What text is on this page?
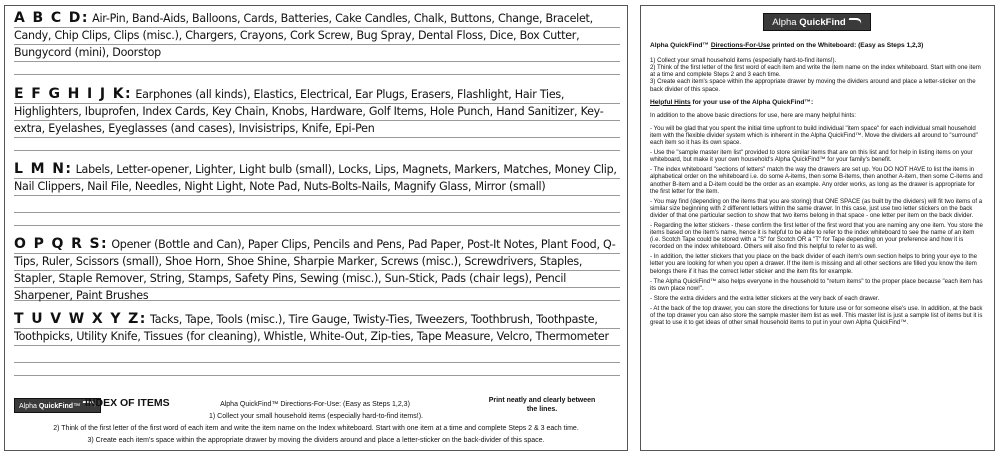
A B C D: Air-Pin, Band-Aids, Balloons, Cards, Batteries, Cake Candles, Chalk, Buttons, Change, Bracelet, Candy, Chip Clips, Clips (misc.), Chargers, Crayons, Cork Screw, Bug Spray, Dental Floss, Dice, Box Cutter, Bungycord (mini), Doorstop
E F G H I J K: Earphones (all kinds), Elastics, Electrical, Ear Plugs, Erasers, Flashlight, Hair Ties, Highlighters, Ibuprofen, Index Cards, Key Chain, Knobs, Hardware, Golf Items, Hole Punch, Hand Sanitizer, Key-extra, Eyelashes, Eyeglasses (and cases), Invisistrips, Knife, Epi-Pen
L M N: Labels, Letter-opener, Lighter, Light bulb (small), Locks, Lips, Magnets, Markers, Matches, Money Clip, Nail Clippers, Nail File, Needles, Night Light, Note Pad, Nuts-Bolts-Nails, Magnify Glass, Mirror (small)
O P Q R S: Opener (Bottle and Can), Paper Clips, Pencils and Pens, Pad Paper, Post-It Notes, Plant Food, Q-Tips, Ruler, Scissors (small), Shoe Horn, Shoe Shine, Sharpie Marker, Screws (misc.), Screwdrivers, Staples, Stapler, Staple Remover, String, Stamps, Safety Pins, Sewing (misc.), Sun-Stick, Pads (chair legs), Pencil Sharpener, Paint Brushes
T U V W X Y Z: Tacks, Tape, Tools (misc.), Tire Gauge, Twisty-Ties, Tweezers, Toothbrush, Toothpaste, Toothpicks, Utility Knife, Tissues (for cleaning), Whistle, White-Out, Zip-ties, Tape Measure, Velcro, Thermometer
Alpha QuickFind™ INDEX OF ITEMS	Alpha QuickFind™ Directions-For-Use: (Easy as Steps 1,2,3)
Print neatly and clearly between the lines.
1) Collect your small household items (especially hard-to-find items!).
2) Think of the first letter of the first word of each item and write the item name on the Index whiteboard. Start with one item at a time and complete Steps 2 & 3 each time.
3) Create each item's space within the appropriate drawer by moving the dividers around and place a letter-sticker on the back-divider of this space.
Alpha QuickFind
Alpha QuickFind™ Directions-For-Use printed on the Whiteboard: (Easy as Steps 1,2,3)
1) Collect your small household items (especially hard-to-find items!).
2) Think of the first letter of the first word of each item and write the item name on the index whiteboard. Start with one item at a time and complete Steps 2 and 3 each time.
3) Create each item's space within the appropriate drawer by moving the dividers around and place a letter-sticker on the back divider of this space.
Helpful Hints for your use of the Alpha QuickFind™:
In addition to the above basic directions for use, here are many helpful hints:
- You will be glad that you spent the initial time upfront to build individual "item space" for each individual small household item with the flexible divider system which is inherent in the Alpha QuickFind™. Move the dividers all around to "surround" each item so it has its own space.
- Use the "sample master item list" provided to store similar items that are on this list and for help in listing items on your whiteboard, but make it your own household's Alpha QuickFind™ for your family's benefit.
- The index whiteboard "sections of letters" match the way the drawers are set up. You DO NOT HAVE to list the items in alphabetical order on the whiteboard i.e. do some A-items, then some B-items, then another A-item, then some C-items and another B-item and a D-item could be the order as an example. Any order works, as long as the drawer is appropriate for the first letter for the item.
- You may find (depending on the items that you are storing) that ONE SPACE (as built by the dividers) will fit two items of a similar size beginning with 2 different letters within the same drawer. In this case, just use two letter stickers on the back divider of that one particular section to show that two items belong in that space - one letter per item on the back divider.
- Regarding the letter stickers - these confirm the first letter of the first word that you are naming any one item. You store the items based on the item's name, hence it is helpful to be able to refer to the index whiteboard to see the name of an item (i.e. Scotch Tape could be stored with a "S" for Scotch OR a "T" for Tape depending on your preference and how it is recorded on the index whiteboard. Others will also find this helpful to refer to as well.
- In addition, the letter stickers that you place on the back divider of each item's own section helps to bring your eye to the letter you are looking for when you open a drawer. If the item is missing and all other sections are filled you know the item belongs there if it has the correct letter sticker and the item fits for example.
- The Alpha QuickFind™ also helps everyone in the household to "return items" to the proper place because "each item has its own place now!".
- Store the extra dividers and the extra letter stickers at the very back of each drawer.
- At the back of the top drawer, you can store the directions for future use or for someone else's use. In addition, at the back of the top drawer you can also store the sample master item list as well. This master list is just a sample list of items but it is great to use it to get ideas of other small household items to put in your own Alpha QuickFind™.
